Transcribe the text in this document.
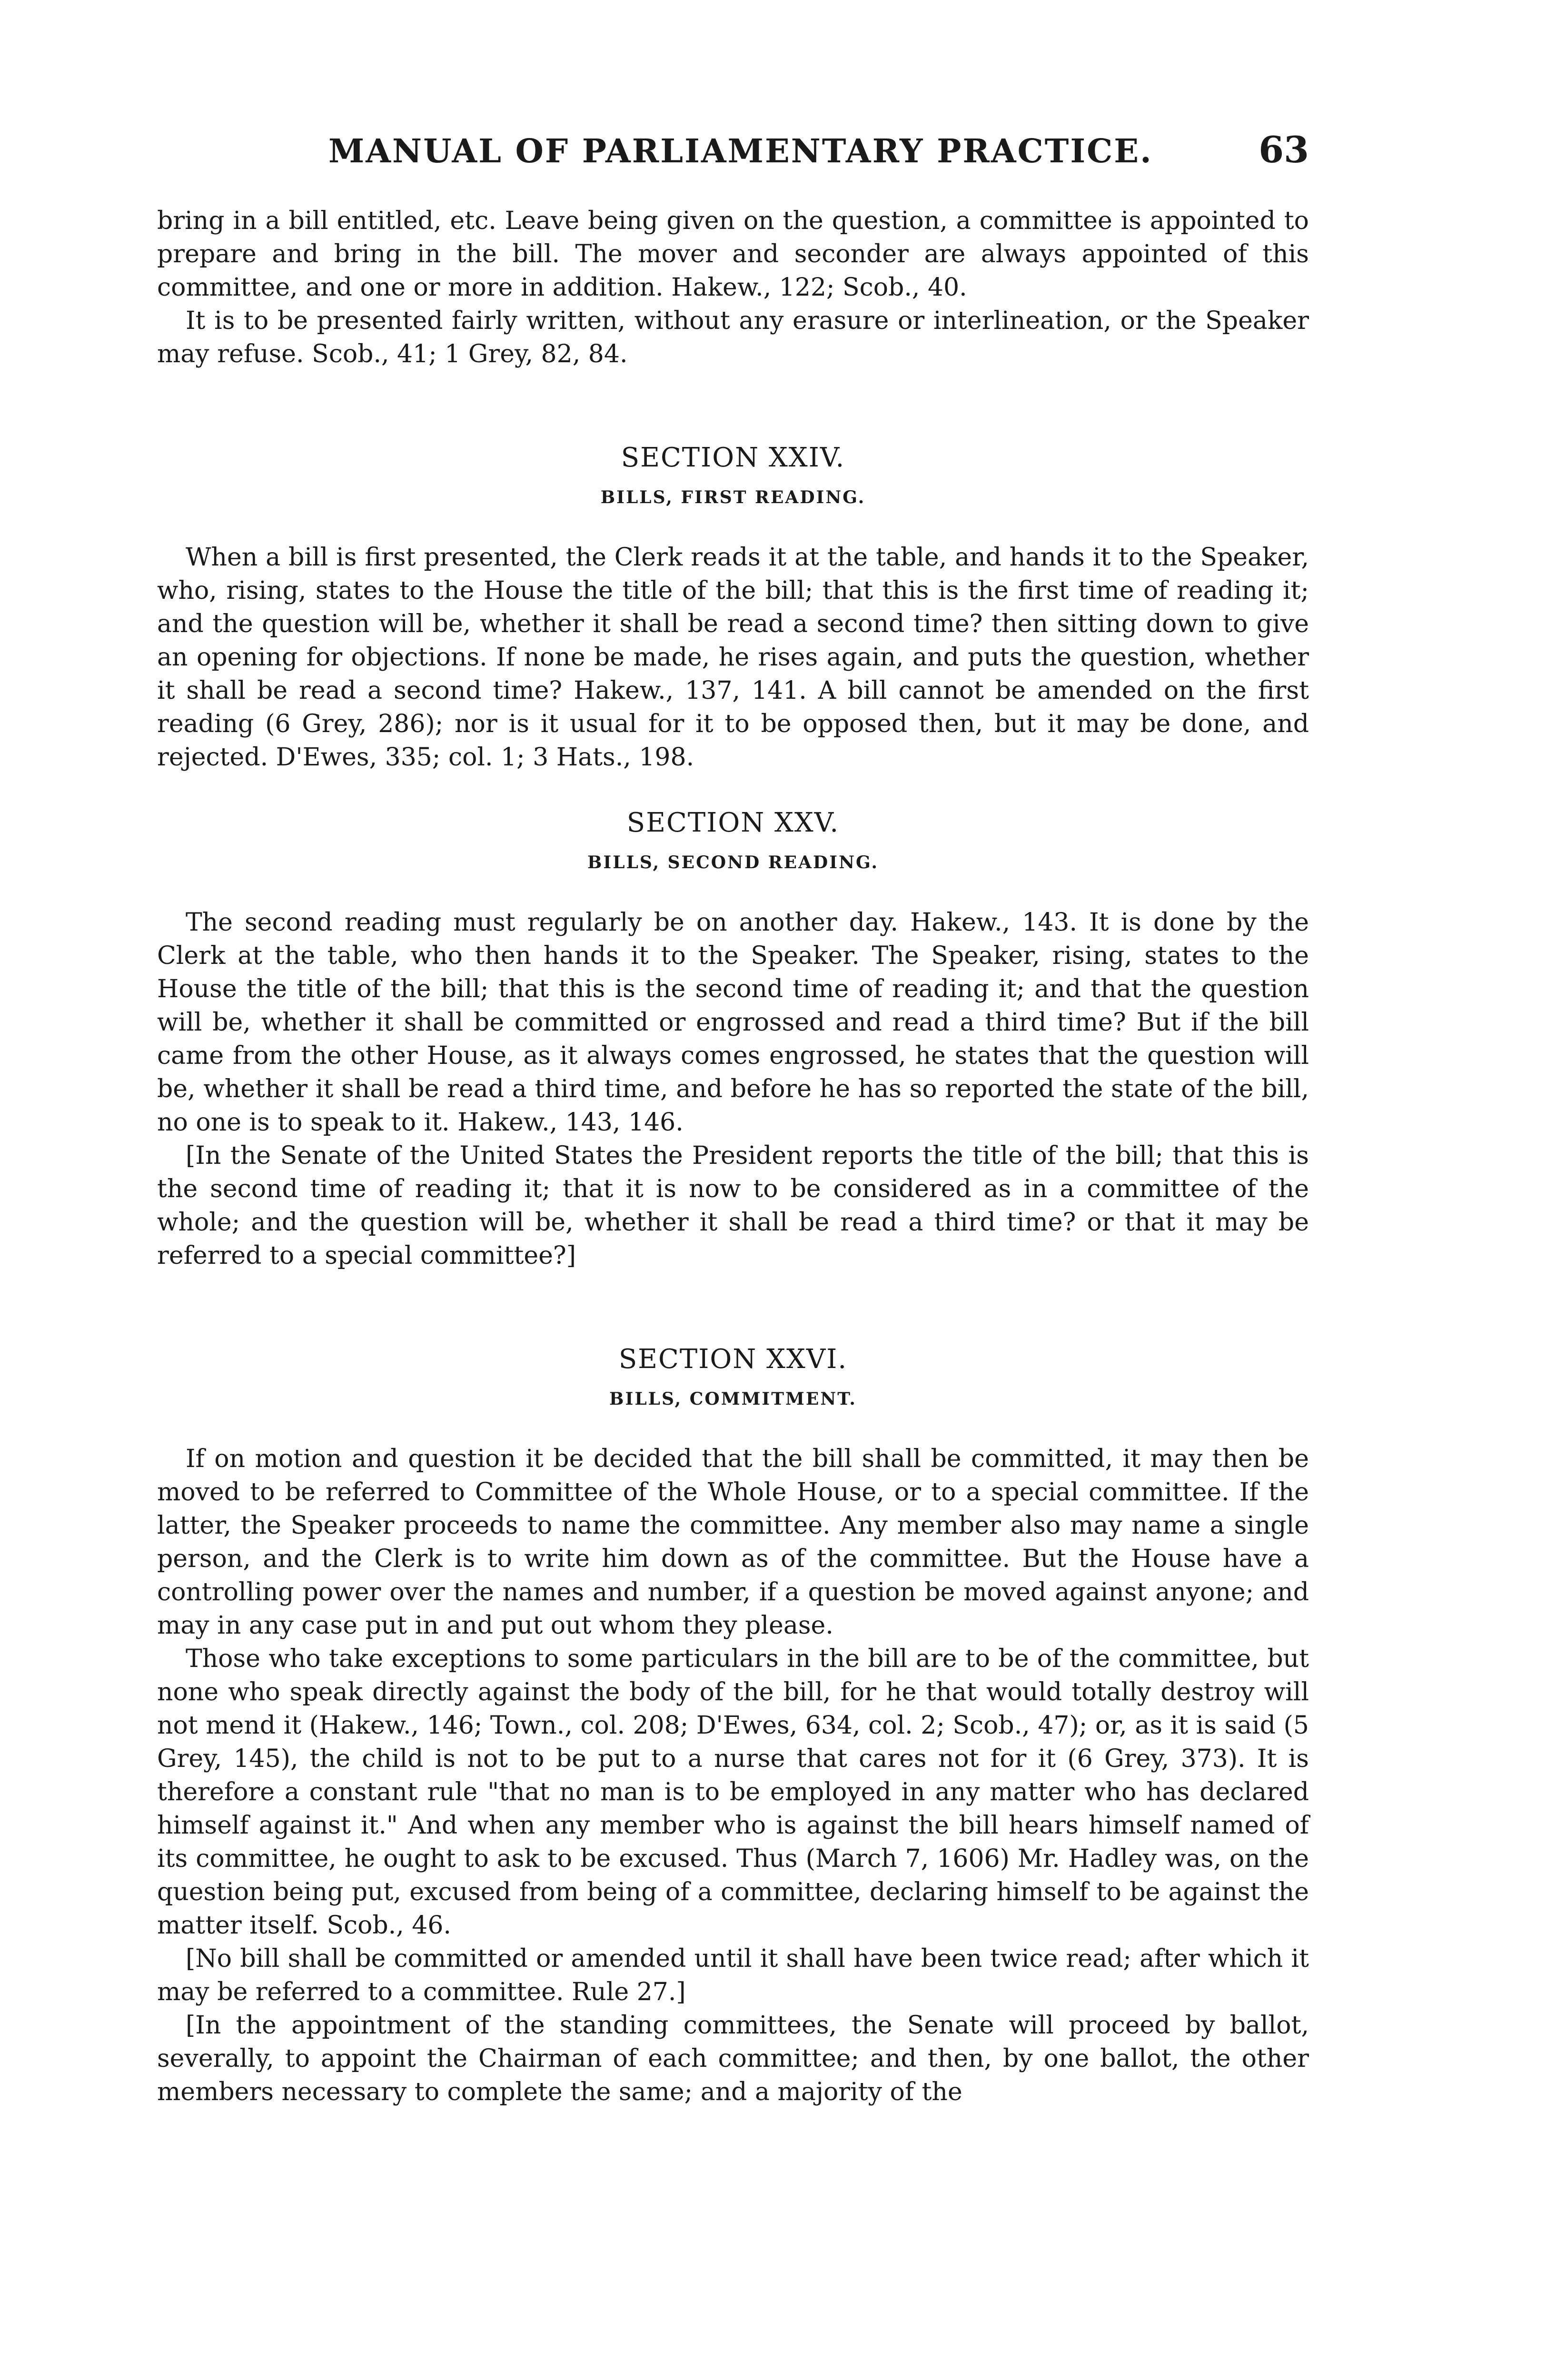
MANUAL OF PARLIAMENTARY PRACTICE.	63

bring in a bill entitled, etc. Leave being given on the question, a committee is appointed to prepare and bring in the bill. The mover and seconder are always appointed of this committee, and one or more in addition. Hakew., 122; Scob., 40.

It is to be presented fairly written, without any erasure or interlineation, or the Speaker may refuse. Scob., 41; 1 Grey, 82, 84.

SECTION XXIV.
BILLS, FIRST READING.

When a bill is first presented, the Clerk reads it at the table, and hands it to the Speaker, who, rising, states to the House the title of the bill; that this is the first time of reading it; and the question will be, whether it shall be read a second time? then sitting down to give an opening for objections. If none be made, he rises again, and puts the question, whether it shall be read a second time? Hakew., 137, 141. A bill cannot be amended on the first reading (6 Grey, 286); nor is it usual for it to be opposed then, but it may be done, and rejected. D'Ewes, 335; col. 1; 3 Hats., 198.

SECTION XXV.
BILLS, SECOND READING.

The second reading must regularly be on another day. Hakew., 143. It is done by the Clerk at the table, who then hands it to the Speaker. The Speaker, rising, states to the House the title of the bill; that this is the second time of reading it; and that the question will be, whether it shall be committed or engrossed and read a third time? But if the bill came from the other House, as it always comes engrossed, he states that the question will be, whether it shall be read a third time, and before he has so reported the state of the bill, no one is to speak to it. Hakew., 143, 146.

[In the Senate of the United States the President reports the title of the bill; that this is the second time of reading it; that it is now to be considered as in a committee of the whole; and the question will be, whether it shall be read a third time? or that it may be referred to a special committee?]

SECTION XXVI.
BILLS, COMMITMENT.

If on motion and question it be decided that the bill shall be committed, it may then be moved to be referred to Committee of the Whole House, or to a special committee. If the latter, the Speaker proceeds to name the committee. Any member also may name a single person, and the Clerk is to write him down as of the committee. But the House have a controlling power over the names and number, if a question be moved against anyone; and may in any case put in and put out whom they please.

Those who take exceptions to some particulars in the bill are to be of the committee, but none who speak directly against the body of the bill, for he that would totally destroy will not mend it (Hakew., 146; Town., col. 208; D'Ewes, 634, col. 2; Scob., 47); or, as it is said (5 Grey, 145), the child is not to be put to a nurse that cares not for it (6 Grey, 373). It is therefore a constant rule "that no man is to be employed in any matter who has declared himself against it." And when any member who is against the bill hears himself named of its committee, he ought to ask to be excused. Thus (March 7, 1606) Mr. Hadley was, on the question being put, excused from being of a committee, declaring himself to be against the matter itself. Scob., 46.

[No bill shall be committed or amended until it shall have been twice read; after which it may be referred to a committee. Rule 27.]

[In the appointment of the standing committees, the Senate will proceed by ballot, severally, to appoint the Chairman of each committee; and then, by one ballot, the other members necessary to complete the same; and a majority of the
